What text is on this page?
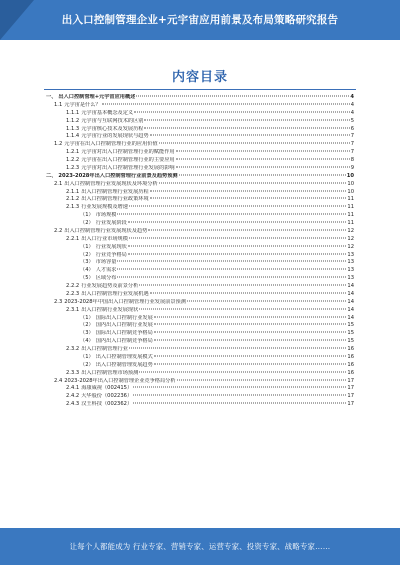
出入口控制管理企业+元宇宙应用前景及布局策略研究报告
内容目录
一、 出入口控制管理+元宇宙应用概述	4
1.1 元宇宙是什么？	4
1.1.1 元宇宙基本概念及定义	4
1.1.2 元宇宙与互联网技术的区别	5
1.1.3 元宇宙核心技术及发展历程	6
1.1.4 元宇宙行业的发展现状与趋势	7
1.2 元宇宙在出入口控制管理行业的应用价值	7
1.2.1 元宇宙对出入口控制管理行业的赋能作用	7
1.2.2 元宇宙在出入口控制管理行业的主要应用	8
1.2.3 元宇宙对出入口控制管理行业发展的影响	9
二、 2023-2028年出入口控制管理行业前景及趋势预测	10
2.1 出入口控制管理行业发展现状及环境分析	10
2.1.1 出入口控制管理行业发展历程	10
2.1.2 出入口控制管理行业政策环境	11
2.1.3 行业发展规模及增速	11
（1） 市场规模	11
（2） 行业发展阶段	11
2.2 出入口控制管理行业发展现状及趋势	12
2.2.1 出入口行业市场规模	12
（1） 行业发展现状	12
（2） 行业竞争格局	13
（3） 市场容量	13
（4） 人才需求	13
（5） 区域分布	13
2.2.2 行业发展趋势及前景分析	14
2.2.3 出入口控制管理行业发展机遇	14
2.3 2023-2028年中国出入口控制管理行业发展前景预测	14
2.3.1 出入口控制行业发展现状	14
（1） 国际出入口控制行业发展	14
（2） 国内出入口控制行业发展	15
（3） 国际出入口控制竞争格局	15
（4） 国内出入口控制竞争格局	15
2.3.2 出入口控制管理行业	16
（1） 出入口控制管理发展模式	16
（2） 出入口控制管理发展趋势	16
2.3.3 出入口控制管理市场预测	16
2.4 2023-2028年出入口控制管理企业竞争格局分析	17
2.4.1 海康威视（002415）	17
2.4.2 大华股份（002236）	17
2.4.3 汉王科技（002362）	17
让每个人都能成为 行业专家、营销专家、运营专家、投资专家、战略专家……
